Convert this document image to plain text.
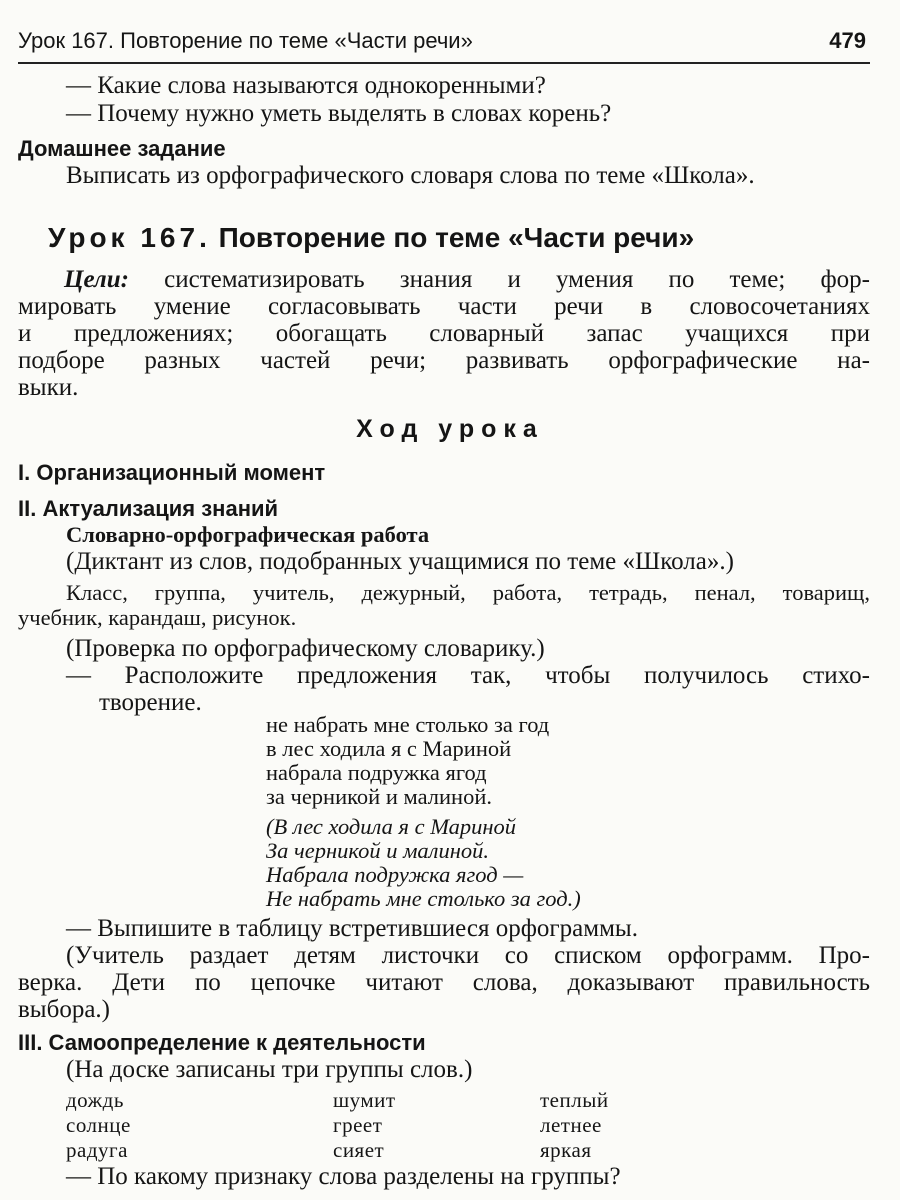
Урок 167. Повторение по теме «Части речи»	479
— Какие слова называются однокоренными?
— Почему нужно уметь выделять в словах корень?
Домашнее задание
Выписать из орфографического словаря слова по теме «Школа».
Урок 167. Повторение по теме «Части речи»
Цели: систематизировать знания и умения по теме; фор-
мировать умение согласовывать части речи в словосочетаниях
и предложениях; обогащать словарный запас учащихся при
подборе разных частей речи; развивать орфографические на-
выки.
Ход урока
I. Организационный момент
II. Актуализация знаний
Словарно-орфографическая работа
(Диктант из слов, подобранных учащимися по теме «Школа».)
Класс, группа, учитель, дежурный, работа, тетрадь, пенал, товарищ,
учебник, карандаш, рисунок.
(Проверка по орфографическому словарику.)
— Расположите предложения так, чтобы получилось стихо-
творение.
не набрать мне столько за год
в лес ходила я с Мариной
набрала подружка ягод
за черникой и малиной.
(В лес ходила я с Мариной
За черникой и малиной.
Набрала подружка ягод —
Не набрать мне столько за год.)
— Выпишите в таблицу встретившиеся орфограммы.
(Учитель раздает детям листочки со списком орфограмм. Про-
верка. Дети по цепочке читают слова, доказывают правильность
выбора.)
III. Самоопределение к деятельности
(На доске записаны три группы слов.)
дождь
солнце
радуга
шумит
греет
сияет
теплый
летнее
яркая
— По какому признаку слова разделены на группы?
